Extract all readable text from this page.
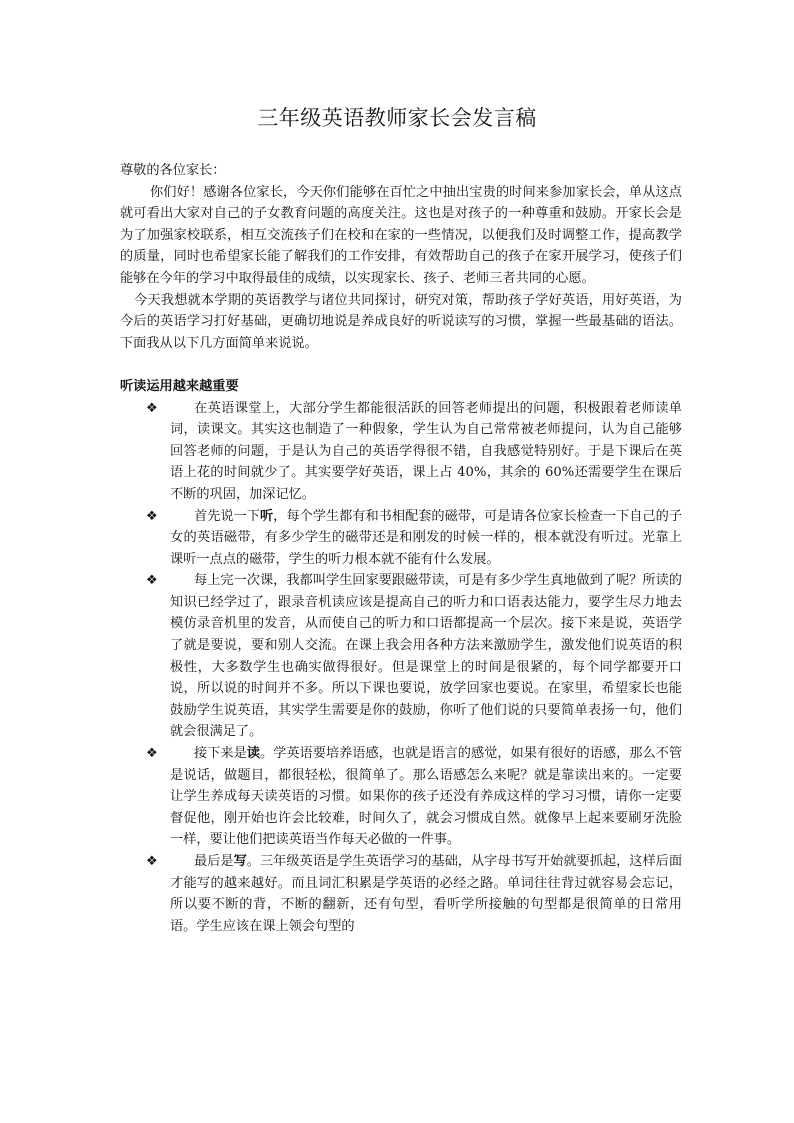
三年级英语教师家长会发言稿

尊敬的各位家长：

你们好！感谢各位家长，今天你们能够在百忙之中抽出宝贵的时间来参加家长会，单从这点就可看出大家对自己的子女教育问题的高度关注。这也是对孩子的一种尊重和鼓励。开家长会是为了加强家校联系，相互交流孩子们在校和在家的一些情况，以便我们及时调整工作，提高教学的质量，同时也希望家长能了解我们的工作安排，有效帮助自己的孩子在家开展学习，使孩子们能够在今年的学习中取得最佳的成绩，以实现家长、孩子、老师三者共同的心愿。

今天我想就本学期的英语教学与诸位共同探讨，研究对策，帮助孩子学好英语，用好英语，为今后的英语学习打好基础，更确切地说是养成良好的听说读写的习惯，掌握一些最基础的语法。下面我从以下几方面简单来说说。

听读运用越来越重要

❖	在英语课堂上，大部分学生都能很活跃的回答老师提出的问题，积极跟着老师读单词，读课文。其实这也制造了一种假象，学生认为自己常常被老师提问，认为自己能够回答老师的问题，于是认为自己的英语学得很不错，自我感觉特别好。于是下课后在英语上花的时间就少了。其实要学好英语，课上占 40%，其余的 60%还需要学生在课后不断的巩固，加深记忆。
❖	首先说一下听，每个学生都有和书相配套的磁带，可是请各位家长检查一下自己的子女的英语磁带，有多少学生的磁带还是和刚发的时候一样的，根本就没有听过。光靠上课听一点点的磁带，学生的听力根本就不能有什么发展。
❖	每上完一次课，我都叫学生回家要跟磁带读，可是有多少学生真地做到了呢？所读的知识已经学过了，跟录音机读应该是提高自己的听力和口语表达能力，要学生尽力地去模仿录音机里的发音，从而使自己的听力和口语都提高一个层次。接下来是说，英语学了就是要说，要和别人交流。在课上我会用各种方法来激励学生，激发他们说英语的积极性，大多数学生也确实做得很好。但是课堂上的时间是很紧的，每个同学都要开口说，所以说的时间并不多。所以下课也要说，放学回家也要说。在家里，希望家长也能鼓励学生说英语，其实学生需要是你的鼓励，你听了他们说的只要简单表扬一句，他们就会很满足了。
❖	接下来是读。学英语要培养语感，也就是语言的感觉，如果有很好的语感，那么不管是说话，做题目，都很轻松，很简单了。那么语感怎么来呢？就是靠读出来的。一定要让学生养成每天读英语的习惯。如果你的孩子还没有养成这样的学习习惯，请你一定要督促他，刚开始也许会比较难，时间久了，就会习惯成自然。就像早上起来要刷牙洗脸一样，要让他们把读英语当作每天必做的一件事。
❖	最后是写。三年级英语是学生英语学习的基础，从字母书写开始就要抓起，这样后面才能写的越来越好。而且词汇积累是学英语的必经之路。单词往往背过就容易会忘记，所以要不断的背，不断的翻新，还有句型，看听学所接触的句型都是很简单的日常用语。学生应该在课上领会句型的
